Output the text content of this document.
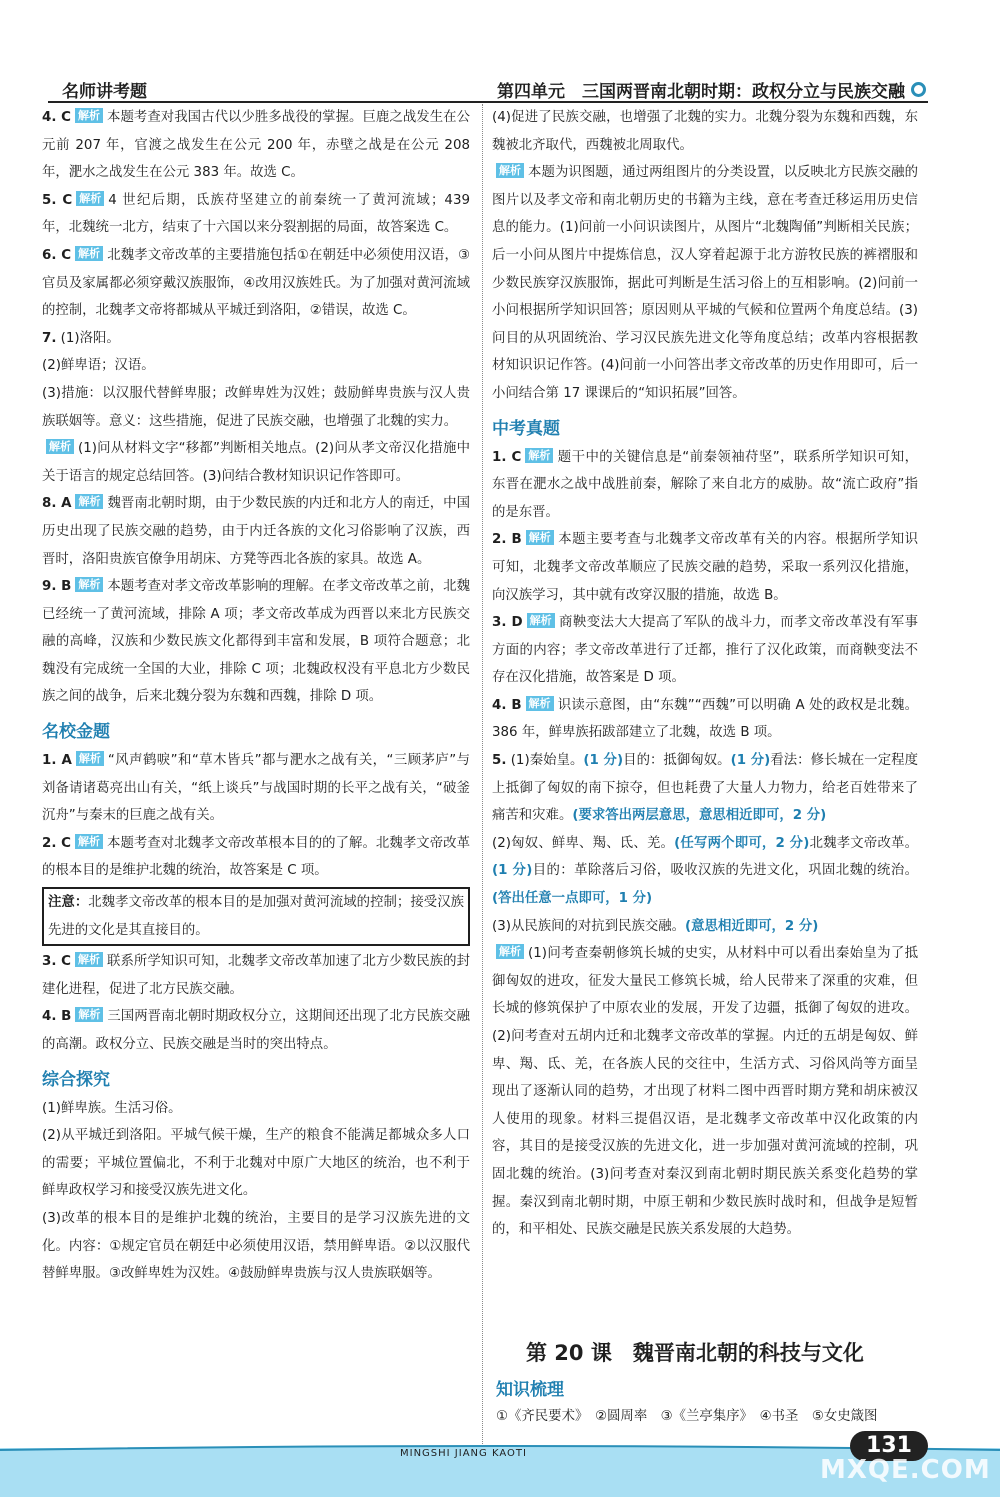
名师讲考题	第四单元　三国两晋南北朝时期：政权分立与民族交融

4. C 解析 本题考查对我国古代以少胜多战役的掌握。巨鹿之战发生在公元前 207 年，官渡之战发生在公元 200 年，赤壁之战是在公元 208 年，淝水之战发生在公元 383 年。故选 C。

5. C 解析 4 世纪后期，氐族苻坚建立的前秦统一了黄河流域；439 年，北魏统一北方，结束了十六国以来分裂割据的局面，故答案选 C。

6. C 解析 北魏孝文帝改革的主要措施包括①在朝廷中必须使用汉语，③官员及家属都必须穿戴汉族服饰，④改用汉族姓氏。为了加强对黄河流域的控制，北魏孝文帝将都城从平城迁到洛阳，②错误，故选 C。

7. (1)洛阳。

(2)鲜卑语；汉语。

(3)措施：以汉服代替鲜卑服；改鲜卑姓为汉姓；鼓励鲜卑贵族与汉人贵族联姻等。意义：这些措施，促进了民族交融，也增强了北魏的实力。

解析 (1)问从材料文字“移都”判断相关地点。(2)问从孝文帝汉化措施中关于语言的规定总结回答。(3)问结合教材知识识记作答即可。

8. A 解析 魏晋南北朝时期，由于少数民族的内迁和北方人的南迁，中国历史出现了民族交融的趋势，由于内迁各族的文化习俗影响了汉族，西晋时，洛阳贵族官僚争用胡床、方凳等西北各族的家具。故选 A。

9. B 解析 本题考查对孝文帝改革影响的理解。在孝文帝改革之前，北魏已经统一了黄河流域，排除 A 项；孝文帝改革成为西晋以来北方民族交融的高峰，汉族和少数民族文化都得到丰富和发展，B 项符合题意；北魏没有完成统一全国的大业，排除 C 项；北魏政权没有平息北方少数民族之间的战争，后来北魏分裂为东魏和西魏，排除 D 项。

名校金题

1. A 解析 “风声鹤唳”和“草木皆兵”都与淝水之战有关，“三顾茅庐”与刘备请诸葛亮出山有关，“纸上谈兵”与战国时期的长平之战有关，“破釜沉舟”与秦末的巨鹿之战有关。

2. C 解析 本题考查对北魏孝文帝改革根本目的的了解。北魏孝文帝改革的根本目的是维护北魏的统治，故答案是 C 项。

注意：北魏孝文帝改革的根本目的是加强对黄河流域的控制；接受汉族先进的文化是其直接目的。

3. C 解析 联系所学知识可知，北魏孝文帝改革加速了北方少数民族的封建化进程，促进了北方民族交融。

4. B 解析 三国两晋南北朝时期政权分立，这期间还出现了北方民族交融的高潮。政权分立、民族交融是当时的突出特点。

综合探究

(1)鲜卑族。生活习俗。

(2)从平城迁到洛阳。平城气候干燥，生产的粮食不能满足都城众多人口的需要；平城位置偏北，不利于北魏对中原广大地区的统治，也不利于鲜卑政权学习和接受汉族先进文化。

(3)改革的根本目的是维护北魏的统治，主要目的是学习汉族先进的文化。内容：①规定官员在朝廷中必须使用汉语，禁用鲜卑语。②以汉服代替鲜卑服。③改鲜卑姓为汉姓。④鼓励鲜卑贵族与汉人贵族联姻等。

(4)促进了民族交融，也增强了北魏的实力。北魏分裂为东魏和西魏，东魏被北齐取代，西魏被北周取代。

解析 本题为识图题，通过两组图片的分类设置，以反映北方民族交融的图片以及孝文帝和南北朝历史的书籍为主线，意在考查迁移运用历史信息的能力。(1)问前一小问识读图片，从图片“北魏陶俑”判断相关民族；后一小问从图片中提炼信息，汉人穿着起源于北方游牧民族的裤褶服和少数民族穿汉族服饰，据此可判断是生活习俗上的互相影响。(2)问前一小问根据所学知识回答；原因则从平城的气候和位置两个角度总结。(3)问目的从巩固统治、学习汉民族先进文化等角度总结；改革内容根据教材知识识记作答。(4)问前一小问答出孝文帝改革的历史作用即可，后一小问结合第 17 课课后的“知识拓展”回答。

中考真题

1. C 解析 题干中的关键信息是“前秦领袖苻坚”，联系所学知识可知，东晋在淝水之战中战胜前秦，解除了来自北方的威胁。故“流亡政府”指的是东晋。

2. B 解析 本题主要考查与北魏孝文帝改革有关的内容。根据所学知识可知，北魏孝文帝改革顺应了民族交融的趋势，采取一系列汉化措施，向汉族学习，其中就有改穿汉服的措施，故选 B。

3. D 解析 商鞅变法大大提高了军队的战斗力，而孝文帝改革没有军事方面的内容；孝文帝改革进行了迁都，推行了汉化政策，而商鞅变法不存在汉化措施，故答案是 D 项。

4. B 解析 识读示意图，由“东魏”“西魏”可以明确 A 处的政权是北魏。386 年，鲜卑族拓跋部建立了北魏，故选 B 项。

5. (1)秦始皇。(1 分)目的：抵御匈奴。(1 分)看法：修长城在一定程度上抵御了匈奴的南下掠夺，但也耗费了大量人力物力，给老百姓带来了痛苦和灾难。(要求答出两层意思，意思相近即可，2 分)

(2)匈奴、鲜卑、羯、氐、羌。(任写两个即可，2 分)北魏孝文帝改革。(1 分)目的：革除落后习俗，吸收汉族的先进文化，巩固北魏的统治。(答出任意一点即可，1 分)

(3)从民族间的对抗到民族交融。(意思相近即可，2 分)

解析 (1)问考查秦朝修筑长城的史实，从材料中可以看出秦始皇为了抵御匈奴的进攻，征发大量民工修筑长城，给人民带来了深重的灾难，但长城的修筑保护了中原农业的发展，开发了边疆，抵御了匈奴的进攻。(2)问考查对五胡内迁和北魏孝文帝改革的掌握。内迁的五胡是匈奴、鲜卑、羯、氐、羌，在各族人民的交往中，生活方式、习俗风尚等方面呈现出了逐渐认同的趋势，才出现了材料二图中西晋时期方凳和胡床被汉人使用的现象。材料三提倡汉语，是北魏孝文帝改革中汉化政策的内容，其目的是接受汉族的先进文化，进一步加强对黄河流域的控制，巩固北魏的统治。(3)问考查对秦汉到南北朝时期民族关系变化趋势的掌握。秦汉到南北朝时期，中原王朝和少数民族时战时和，但战争是短暂的，和平相处、民族交融是民族关系发展的大趋势。

第 20 课　魏晋南北朝的科技与文化
知识梳理
①《齐民要术》　②圆周率　③《兰亭集序》　④书圣　⑤女史箴图
MINGSHI JIANG KAOTI	131
MXQE.COM
